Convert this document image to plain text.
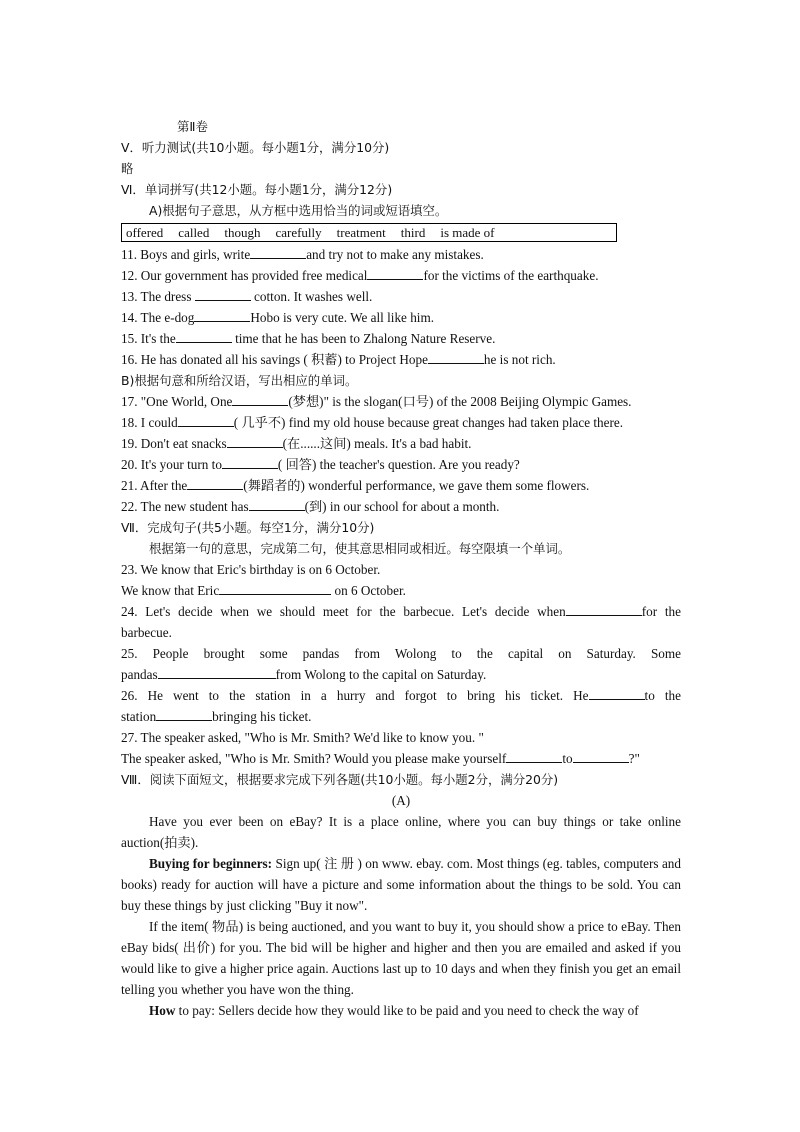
第Ⅱ卷
Ⅴ．听力测试(共10小题。每小题1分，满分10分)
略
Ⅵ．单词拼写(共12小题。每小题1分，满分12分)
A)根据句子意思，从方框中选用恰当的词或短语填空。
offered called though carefully treatment third is made of
11. Boys and girls, write	and try not to make any mistakes.
12. Our government has provided free medical	for the victims of the earthquake.
13. The dress	cotton. It washes well.
14. The e-dog	Hobo is very cute. We all like him.
15. It's the	time that he has been to Zhalong Nature Reserve.
16. He has donated all his savings ( 积蓄) to Project Hope	he is not rich.
B)根据句意和所给汉语，写出相应的单词。
17. "One World, One	(梦想)" is the slogan(口号) of the 2008 Beijing Olympic Games.
18. I could	( 几乎不) find my old house because great changes had taken place there.
19. Don't eat snacks	(在......这间) meals. It's a bad habit.
20. It's your turn to	( 回答) the teacher's question. Are you ready?
21. After the	(舞蹈者的) wonderful performance, we gave them some flowers.
22. The new student has	(到) in our school for about a month.
Ⅶ．完成句子(共5小题。每空1分，满分10分)
根据第一句的意思，完成第二句，使其意思相同或相近。每空限填一个单词。
23. We know that Eric's birthday is on 6 October.
We know that Eric	on 6 October.
24. Let's decide when we should meet for the barbecue. Let's decide when	for the
barbecue.
25. People brought some pandas from Wolong to the capital on Saturday. Some
pandas	from Wolong to the capital on Saturday.
26. He went to the station in a hurry and forgot to bring his ticket. He	to the
station	bringing his ticket.
27. The speaker asked, "Who is Mr. Smith? We'd like to know you. "
The speaker asked, "Who is Mr. Smith? Would you please make yourself	to	?"
Ⅷ．阅读下面短文，根据要求完成下列各题(共10小题。每小题2分，满分20分)
(A)

Have you ever been on eBay? It is a place online, where you can buy things or take online auction(拍卖).

Buying for beginners: Sign up( 注 册 ) on www. ebay. com. Most things (eg. tables, computers and books) ready for auction will have a picture and some information about the things to be sold. You can buy these things by just clicking "Buy it now".

If the item( 物品) is being auctioned, and you want to buy it, you should show a price to eBay. Then eBay bids( 出价) for you. The bid will be higher and higher and then you are emailed and asked if you would like to give a higher price again. Auctions last up to 10 days and when they finish you get an email telling you whether you have won the thing.

How to pay: Sellers decide how they would like to be paid and you need to check the way of
